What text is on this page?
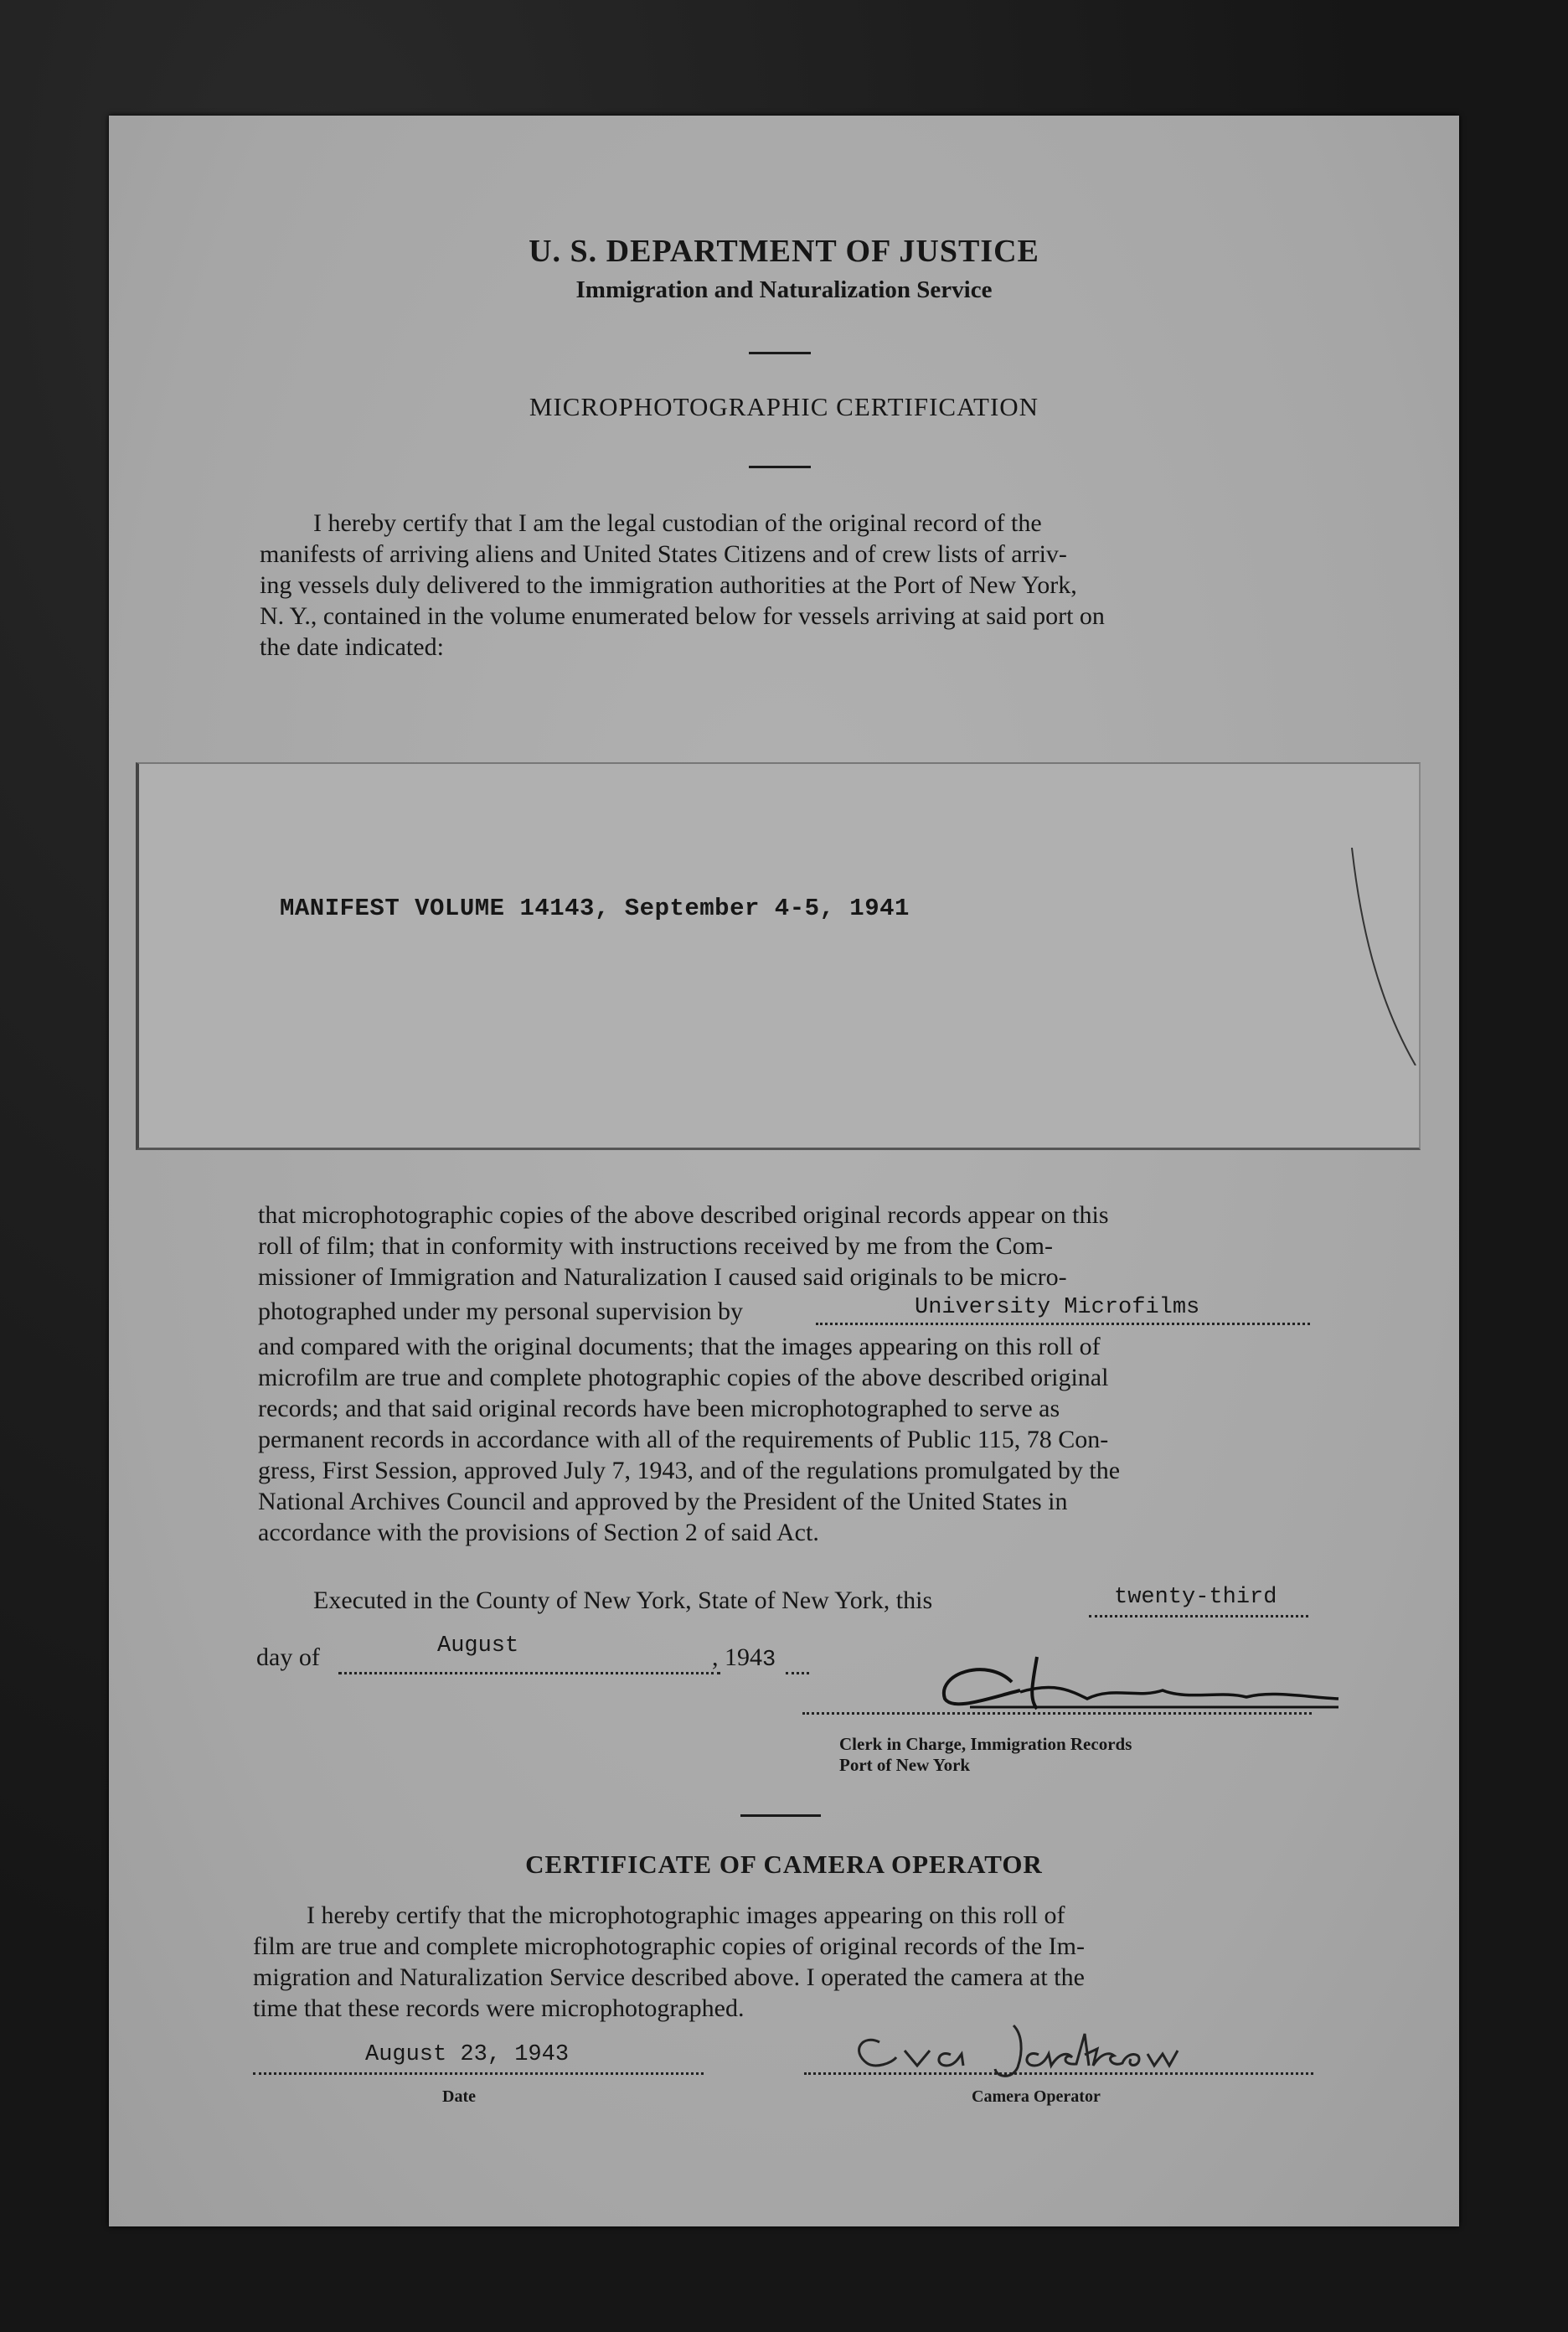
U. S. DEPARTMENT OF JUSTICE
Immigration and Naturalization Service
MICROPHOTOGRAPHIC CERTIFICATION
I hereby certify that I am the legal custodian of the original record of the
manifests of arriving aliens and United States Citizens and of crew lists of arriv-
ing vessels duly delivered to the immigration authorities at the Port of New York,
N. Y., contained in the volume enumerated below for vessels arriving at said port on
the date indicated:
MANIFEST VOLUME 14143, September 4-5, 1941
that microphotographic copies of the above described original records appear on this
roll of film; that in conformity with instructions received by me from the Com-
missioner of Immigration and Naturalization I caused said originals to be micro-
photographed under my personal supervision by	University Microfilms
and compared with the original documents; that the images appearing on this roll of
microfilm are true and complete photographic copies of the above described original
records; and that said original records have been microphotographed to serve as
permanent records in accordance with all of the requirements of Public 115, 78 Con-
gress, First Session, approved July 7, 1943, and of the regulations promulgated by the
National Archives Council and approved by the President of the United States in
accordance with the provisions of Section 2 of said Act.
Executed in the County of New York, State of New York, this	twenty-third
day of	August	, 1943
Clerk in Charge, Immigration Records
Port of New York
CERTIFICATE OF CAMERA OPERATOR
I hereby certify that the microphotographic images appearing on this roll of
film are true and complete microphotographic copies of original records of the Im-
migration and Naturalization Service described above. I operated the camera at the
time that these records were microphotographed.
August 23, 1943
Date	Camera Operator
